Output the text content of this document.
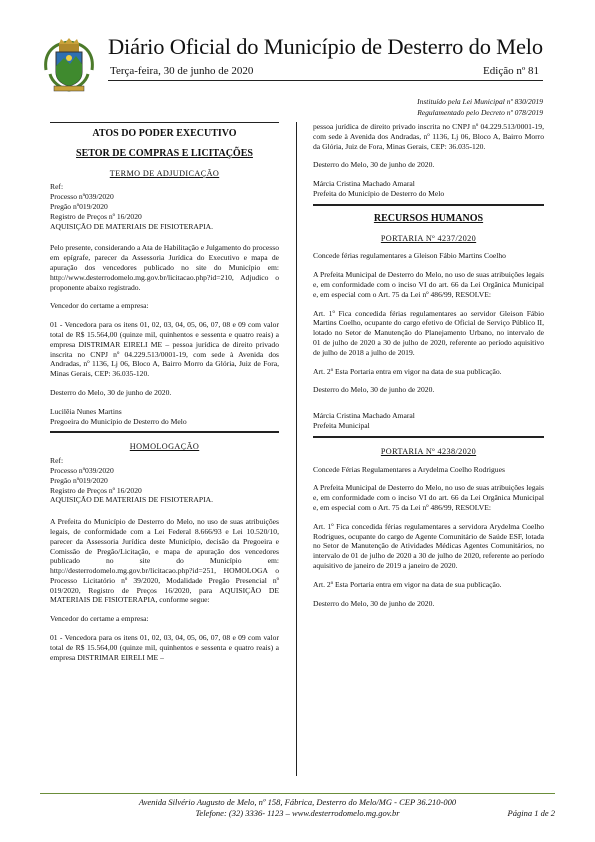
Diário Oficial do Município de Desterro do Melo
Terça-feira, 30 de junho de 2020	Edição nº 81
Instituído pela Lei Municipal nº 830/2019
Regulamentado pelo Decreto nº 078/2019
ATOS DO PODER EXECUTIVO
SETOR DE COMPRAS E LICITAÇÕES
TERMO DE ADJUDICAÇÃO
Ref:
Processo nº039/2020
Pregão nº019/2020
Registro de Preços nº 16/2020
AQUISIÇÃO DE MATERIAIS DE FISIOTERAPIA.
Pelo presente, considerando a Ata de Habilitação e Julgamento do processo em epígrafe, parecer da Assessoria Jurídica do Executivo e mapa de apuração dos vencedores publicado no site do Município em: http://www.desterrodomelo.mg.gov.br/licitacao.php?id=210, Adjudico o proponente abaixo registrado.
Vencedor do certame a empresa:
01 - Vencedora para os itens 01, 02, 03, 04, 05, 06, 07, 08 e 09 com valor total de R$ 15.564,00 (quinze mil, quinhentos e sessenta e quatro reais) a empresa DISTRIMAR EIRELI ME – pessoa jurídica de direito privado inscrita no CNPJ nº 04.229.513/0001-19, com sede à Avenida dos Andradas, nº 1136, Lj 06, Bloco A, Bairro Morro da Glória, Juiz de Fora, Minas Gerais, CEP: 36.035-120.
Desterro do Melo, 30 de junho de 2020.
Lucilêia Nunes Martins
Pregoeira do Município de Desterro do Melo
HOMOLOGAÇÃO
Ref:
Processo nº039/2020
Pregão nº019/2020
Registro de Preços nº 16/2020
AQUISIÇÃO DE MATERIAIS DE FISIOTERAPIA.
A Prefeita do Município de Desterro do Melo, no uso de suas atribuições legais, de conformidade com a Lei Federal 8.666/93 e Lei 10.520/10, parecer da Assessoria Jurídica deste Município, decisão da Pregoeira e Comissão de Pregão/Licitação, e mapa de apuração dos vencedores publicado no site do Município em: http://desterrodomelo.mg.gov.br/licitacao.php?id=251, HOMOLOGA o Processo Licitatório nº 39/2020, Modalidade Pregão Presencial nº 019/2020, Registro de Preços 16/2020, para AQUISIÇÃO DE MATERIAIS DE FISIOTERAPIA, conforme segue:
Vencedor do certame a empresa:
01 - Vencedora para os itens 01, 02, 03, 04, 05, 06, 07, 08 e 09 com valor total de R$ 15.564,00 (quinze mil, quinhentos e sessenta e quatro reais) a empresa DISTRIMAR EIRELI ME –
pessoa jurídica de direito privado inscrita no CNPJ nº 04.229.513/0001-19, com sede à Avenida dos Andradas, nº 1136, Lj 06, Bloco A, Bairro Morro da Glória, Juiz de Fora, Minas Gerais, CEP: 36.035-120.
Desterro do Melo, 30 de junho de 2020.
Márcia Cristina Machado Amaral
Prefeita do Município de Desterro do Melo
RECURSOS HUMANOS
PORTARIA Nº 4237/2020
Concede férias regulamentares a Gleison Fábio Martins Coelho
A Prefeita Municipal de Desterro do Melo, no uso de suas atribuições legais e, em conformidade com o inciso VI do art. 66 da Lei Orgânica Municipal e, em especial com o Art. 75 da Lei nº 486/99, RESOLVE:
Art. 1º Fica concedida férias regulamentares ao servidor Gleison Fábio Martins Coelho, ocupante do cargo efetivo de Oficial de Serviço Público II, lotado no Setor de Manutenção do Planejamento Urbano, no intervalo de 01 de julho de 2020 a 30 de julho de 2020, referente ao período aquisitivo de julho de 2018 a julho de 2019.
Art. 2º Esta Portaria entra em vigor na data de sua publicação.
Desterro do Melo, 30 de junho de 2020.
Márcia Cristina Machado Amaral
Prefeita Municipal
PORTARIA Nº 4238/2020
Concede Férias Regulamentares a Arydelma Coelho Rodrigues
A Prefeita Municipal de Desterro do Melo, no uso de suas atribuições legais e, em conformidade com o inciso VI do art. 66 da Lei Orgânica Municipal e, em especial com o Art. 75 da Lei nº 486/99, RESOLVE:
Art. 1º Fica concedida férias regulamentares a servidora Arydelma Coelho Rodrigues, ocupante do cargo de Agente Comunitário de Saúde ESF, lotada no Setor de Manutenção de Atividades Médicas Agentes Comunitários, no intervalo de 01 de julho de 2020 a 30 de julho de 2020, referente ao período aquisitivo de janeiro de 2019 a janeiro de 2020.
Art. 2º Esta Portaria entra em vigor na data de sua publicação.
Desterro do Melo, 30 de junho de 2020.
Avenida Silvério Augusto de Melo, nº 158, Fábrica, Desterro do Melo/MG - CEP 36.210-000
Telefone: (32) 3336- 1123 – www.desterrodomelo.mg.gov.br	Página 1 de 2
